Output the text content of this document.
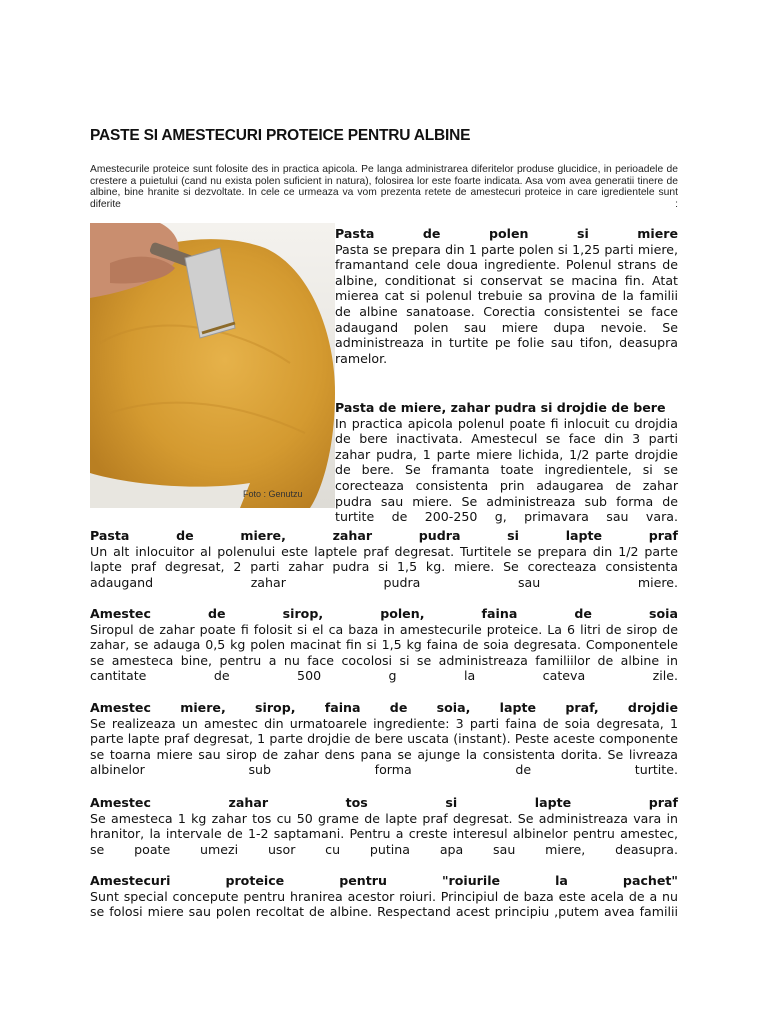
PASTE SI AMESTECURI PROTEICE PENTRU ALBINE
Amestecurile proteice sunt folosite des in practica apicola. Pe langa administrarea diferitelor produse glucidice, in perioadele de crestere a puietului (cand nu exista polen suficient in natura), folosirea lor este foarte indicata. Asa vom avea generatii tinere de albine, bine hranite si dezvoltate. In cele ce urmeaza va vom prezenta retete de amestecuri proteice in care igredientele sunt diferite :
Foto : Genutzu
Pasta de polen si miere
Pasta se prepara din 1 parte polen si 1,25 parti miere, framantand cele doua ingrediente. Polenul strans de albine, conditionat si conservat se macina fin. Atat mierea cat si polenul trebuie sa provina de la familii de albine sanatoase. Corectia consistentei se face adaugand polen sau miere dupa nevoie. Se administreaza in turtite pe folie sau tifon, deasupra ramelor.
Pasta de miere, zahar pudra si drojdie de bere
In practica apicola polenul poate fi inlocuit cu drojdia de bere inactivata. Amestecul se face din 3 parti zahar pudra, 1 parte miere lichida, 1/2 parte drojdie de bere. Se framanta toate ingredientele, si se corecteaza consistenta prin adaugarea de zahar pudra sau miere. Se administreaza sub forma de turtite de 200-250 g, primavara sau vara.
Pasta de miere, zahar pudra si lapte praf
Un alt inlocuitor al polenului este laptele praf degresat. Turtitele se prepara din 1/2 parte lapte praf degresat, 2 parti zahar pudra si 1,5 kg. miere. Se corecteaza consistenta adaugand zahar pudra sau miere.
Amestec de sirop, polen, faina de soia
Siropul de zahar poate fi folosit si el ca baza in amestecurile proteice. La 6 litri de sirop de zahar, se adauga 0,5 kg polen macinat fin si 1,5 kg faina de soia degresata. Componentele se amesteca bine, pentru a nu face cocolosi si se administreaza familiilor de albine in cantitate de 500 g la cateva zile.
Amestec miere, sirop, faina de soia, lapte praf, drojdie
Se realizeaza un amestec din urmatoarele ingrediente: 3 parti faina de soia degresata, 1 parte lapte praf degresat, 1 parte drojdie de bere uscata (instant). Peste aceste componente se toarna miere sau sirop de zahar dens pana se ajunge la consistenta dorita. Se livreaza albinelor sub forma de turtite.
Amestec zahar tos si lapte praf
Se amesteca 1 kg zahar tos cu 50 grame de lapte praf degresat. Se administreaza vara in hranitor, la intervale de 1-2 saptamani. Pentru a creste interesul albinelor pentru amestec, se poate umezi usor cu putina apa sau miere, deasupra.
Amestecuri proteice pentru "roiurile la pachet"
Sunt special concepute pentru hranirea acestor roiuri. Principiul de baza este acela de a nu se folosi miere sau polen recoltat de albine. Respectand acest principiu ,putem avea familii
